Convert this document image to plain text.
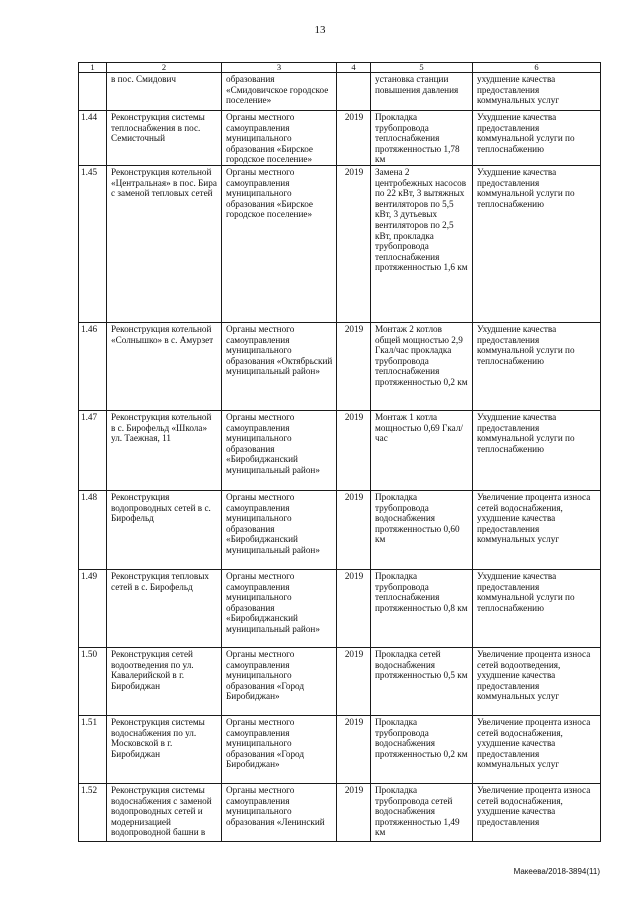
13
1	2	3	4	5	6
	в пос. Смидович	образования «Смидовичское городское поселение»		установка станции повышения давления	ухудшение качества предоставления коммунальных услуг
1.44	Реконструкция системы теплоснабжения в пос. Семисточный	Органы местного самоуправления муниципального образования «Бирское городское поселение»	2019	Прокладка трубопровода теплоснабжения протяженностью 1,78 км	Ухудшение качества предоставления коммунальной услуги по теплоснабжению
1.45	Реконструкция котельной «Центральная» в пос. Бира с заменой тепловых сетей	Органы местного самоуправления муниципального образования «Бирское городское поселение»	2019	Замена 2 центробежных насосов по 22 кВт, 3 вытяжных вентиляторов по 5,5 кВт, 3 дутьевых вентиляторов по 2,5 кВт, прокладка трубопровода теплоснабжения протяженностью 1,6 км	Ухудшение качества предоставления коммунальной услуги по теплоснабжению
1.46	Реконструкция котельной «Солнышко» в с. Амурзет	Органы местного самоуправления муниципального образования «Октябрьский муниципальный район»	2019	Монтаж 2 котлов общей мощностью 2,9 Гкал/час прокладка трубопровода теплоснабжения протяженностью 0,2 км	Ухудшение качества предоставления коммунальной услуги по теплоснабжению
1.47	Реконструкция котельной в с. Бирофельд «Школа» ул. Таежная, 11	Органы местного самоуправления муниципального образования «Биробиджанский муниципальный район»	2019	Монтаж 1 котла мощностью 0,69 Гкал/час	Ухудшение качества предоставления коммунальной услуги по теплоснабжению
1.48	Реконструкция водопроводных сетей в с. Бирофельд	Органы местного самоуправления муниципального образования «Биробиджанский муниципальный район»	2019	Прокладка трубопровода водоснабжения протяженностью 0,60 км	Увеличение процента износа сетей водоснабжения, ухудшение качества предоставления коммунальных услуг
1.49	Реконструкция тепловых сетей в с. Бирофельд	Органы местного самоуправления муниципального образования «Биробиджанский муниципальный район»	2019	Прокладка трубопровода теплоснабжения протяженностью 0,8 км	Ухудшение качества предоставления коммунальной услуги по теплоснабжению
1.50	Реконструкция сетей водоотведения по ул. Кавалерийской в г. Биробиджан	Органы местного самоуправления муниципального образования «Город Биробиджан»	2019	Прокладка сетей водоснабжения протяженностью 0,5 км	Увеличение процента износа сетей водоотведения, ухудшение качества предоставления коммунальных услуг
1.51	Реконструкция системы водоснабжения по ул. Московской в г. Биробиджан	Органы местного самоуправления муниципального образования «Город Биробиджан»	2019	Прокладка трубопровода водоснабжения протяженностью 0,2 км	Увеличение процента износа сетей водоснабжения, ухудшение качества предоставления коммунальных услуг
1.52	Реконструкция системы водоснабжения с заменой водопроводных сетей и модернизацией водопроводной башни в	Органы местного самоуправления муниципального образования «Ленинский	2019	Прокладка трубопровода сетей водоснабжения протяженностью 1,49 км	Увеличение процента износа сетей водоснабжения, ухудшение качества предоставления
Макеева/2018-3894(11)
